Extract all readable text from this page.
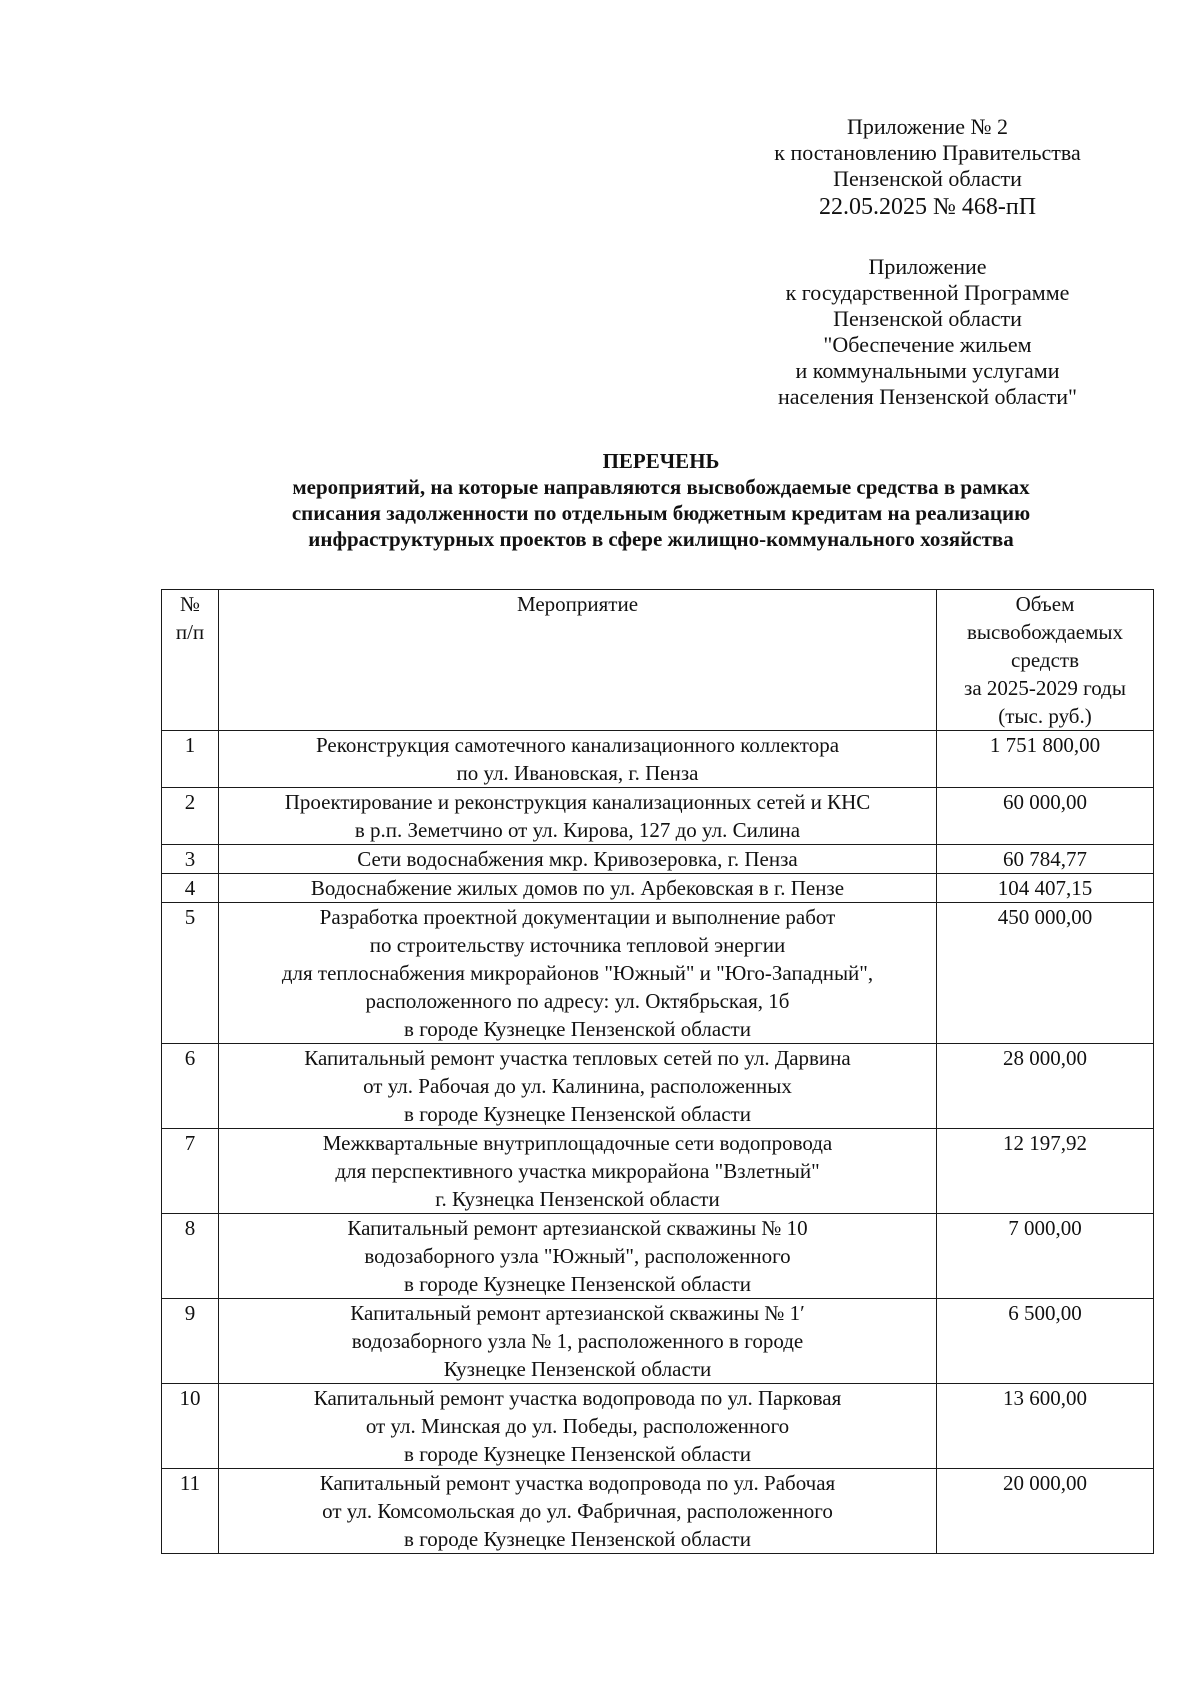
Приложение № 2
к постановлению Правительства
Пензенской области
22.05.2025 № 468-пП
Приложение
к государственной Программе
Пензенской области
"Обеспечение жильем
и коммунальными услугами
населения Пензенской области"
ПЕРЕЧЕНЬ
мероприятий, на которые направляются высвобождаемые средства в рамках
списания задолженности по отдельным бюджетным кредитам на реализацию
инфраструктурных проектов в сфере жилищно-коммунального хозяйства
№
п/п	Мероприятие	Объем
высвобождаемых
средств
за 2025-2029 годы
(тыс. руб.)

1	Реконструкция самотечного канализационного коллектора
по ул. Ивановская, г. Пенза	1 751 800,00
2	Проектирование и реконструкция канализационных сетей и КНС
в р.п. Земетчино от ул. Кирова, 127 до ул. Силина	60 000,00
3	Сети водоснабжения мкр. Кривозеровка, г. Пенза	60 784,77
4	Водоснабжение жилых домов по ул. Арбековская в г. Пензе	104 407,15
5	Разработка проектной документации и выполнение работ
по строительству источника тепловой энергии
для теплоснабжения микрорайонов "Южный" и "Юго-Западный",
расположенного по адресу: ул. Октябрьская, 1б
в городе Кузнецке Пензенской области	450 000,00
6	Капитальный ремонт участка тепловых сетей по ул. Дарвина
от ул. Рабочая до ул. Калинина, расположенных
в городе Кузнецке Пензенской области	28 000,00
7	Межквартальные внутриплощадочные сети водопровода
для перспективного участка микрорайона "Взлетный"
г. Кузнецка Пензенской области	12 197,92
8	Капитальный ремонт артезианской скважины № 10
водозаборного узла "Южный", расположенного
в городе Кузнецке Пензенской области	7 000,00
9	Капитальный ремонт артезианской скважины № 1ʹ
водозаборного узла № 1, расположенного в городе
Кузнецке Пензенской области	6 500,00
10	Капитальный ремонт участка водопровода по ул. Парковая
от ул. Минская до ул. Победы, расположенного
в городе Кузнецке Пензенской области	13 600,00
11	Капитальный ремонт участка водопровода по ул. Рабочая
от ул. Комсомольская до ул. Фабричная, расположенного
в городе Кузнецке Пензенской области	20 000,00
